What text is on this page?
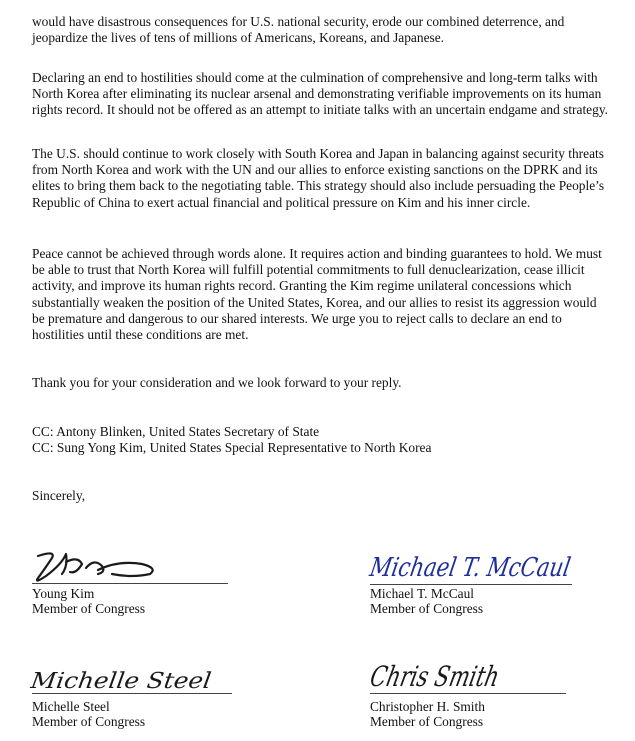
would have disastrous consequences for U.S. national security, erode our combined deterrence, and jeopardize the lives of tens of millions of Americans, Koreans, and Japanese.

Declaring an end to hostilities should come at the culmination of comprehensive and long-term talks with North Korea after eliminating its nuclear arsenal and demonstrating verifiable improvements on its human rights record. It should not be offered as an attempt to initiate talks with an uncertain endgame and strategy.

The U.S. should continue to work closely with South Korea and Japan in balancing against security threats from North Korea and work with the UN and our allies to enforce existing sanctions on the DPRK and its elites to bring them back to the negotiating table. This strategy should also include persuading the People’s Republic of China to exert actual financial and political pressure on Kim and his inner circle.

Peace cannot be achieved through words alone. It requires action and binding guarantees to hold. We must be able to trust that North Korea will fulfill potential commitments to full denuclearization, cease illicit activity, and improve its human rights record. Granting the Kim regime unilateral concessions which substantially weaken the position of the United States, Korea, and our allies to resist its aggression would be premature and dangerous to our shared interests. We urge you to reject calls to declare an end to hostilities until these conditions are met.

Thank you for your consideration and we look forward to your reply.

CC: Antony Blinken, United States Secretary of State
CC: Sung Yong Kim, United States Special Representative to North Korea
Sincerely,
Young Kim
Member of Congress
Michael T. McCaul
Michael T. McCaul
Member of Congress
Michelle Steel
Michelle Steel
Member of Congress
Chris Smith
Christopher H. Smith
Member of Congress
